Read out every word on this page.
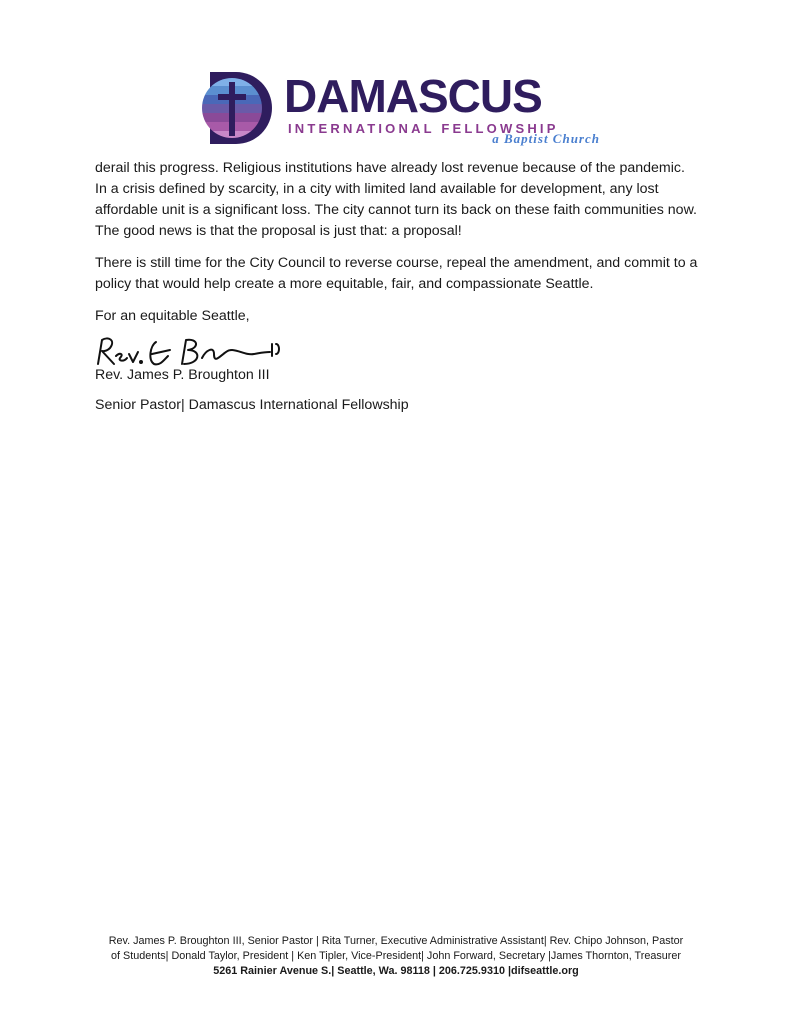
DAMASCUS
INTERNATIONAL FELLOWSHIP
a Baptist Church

derail this progress. Religious institutions have already lost revenue because of the pandemic. In a crisis defined by scarcity, in a city with limited land available for development, any lost affordable unit is a significant loss. The city cannot turn its back on these faith communities now. The good news is that the proposal is just that: a proposal!

There is still time for the City Council to reverse course, repeal the amendment, and commit to a policy that would help create a more equitable, fair, and compassionate Seattle.

For an equitable Seattle,

Rev. James P. Broughton III
Senior Pastor| Damascus International Fellowship
Rev. James P. Broughton III, Senior Pastor | Rita Turner, Executive Administrative Assistant| Rev. Chipo Johnson, Pastor
of Students| Donald Taylor, President | Ken Tipler, Vice-President| John Forward, Secretary |James Thornton, Treasurer
5261 Rainier Avenue S.| Seattle, Wa. 98118 | 206.725.9310 |difseattle.org
